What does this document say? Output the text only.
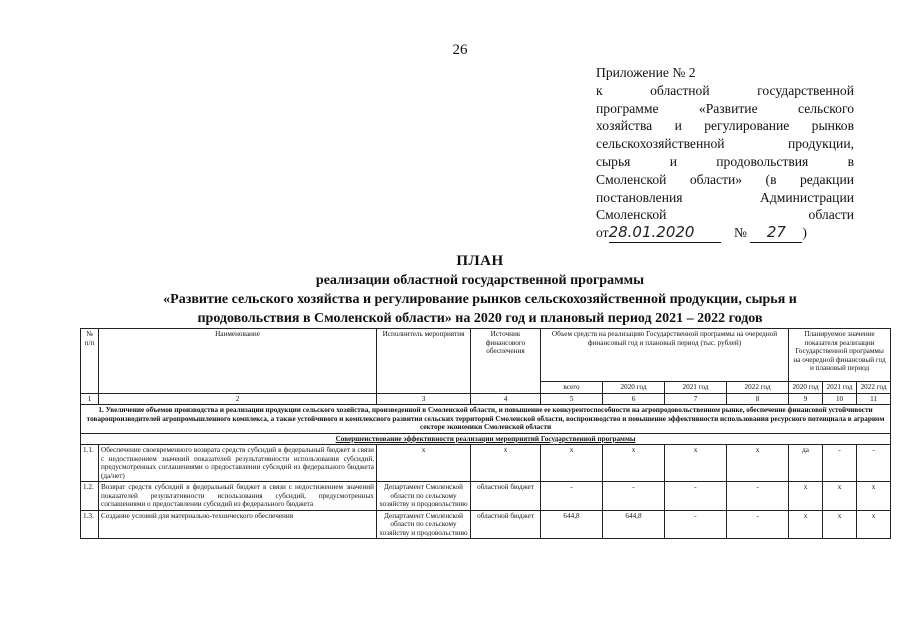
26
Приложение № 2
к областной государственной
программе «Развитие сельского
хозяйства и регулирование рынков
сельскохозяйственной продукции,
сырья и продовольствия в
Смоленской области» (в редакции
постановления Администрации
Смоленской области
от28.01.2020	№ 27 )
ПЛАН
реализации областной государственной программы
«Развитие сельского хозяйства и регулирование рынков сельскохозяйственной продукции, сырья и
продовольствия в Смоленской области» на 2020 год и плановый период 2021 – 2022 годов
№ п/п	Наименование	Исполнитель мероприятия	Источник финансового обеспечения	Объем средств на реализацию Государственной программы на очередной финансовый год и плановый период (тыс. рублей)				Планируемое значение показателя реализации Государственной программы на очередной финансовый год и плановый период		
				всего	2020 год	2021 год	2022 год	2020 год	2021 год	2022 год
1	2	3	4	5	6	7	8	9	10	11
1. Увеличение объемов производства и реализации продукции сельского хозяйства, произведенной в Смоленской области, и повышение ее конкурентоспособности на агропродовольственном рынке, обеспечение финансовой устойчивости товаропроизводителей агропромышленного комплекса, а также устойчивого и комплексного развития сельских территорий Смоленской области, воспроизводство и повышение эффективности использования ресурсного потенциала в аграрном секторе экономики Смоленской области										
Совершенствование эффективности реализации мероприятий Государственной программы										
1.1.	Обеспечение своевременного возврата средств субсидий в федеральный бюджет в связи с недостижением значений показателей результативности использования субсидий, предусмотренных соглашениями о предоставлении субсидий из федерального бюджета (да/нет)	х	х	х	х	х	х	да	-	-
1.2.	Возврат средств субсидий в федеральный бюджет в связи с недостижением значений показателей результативности использования субсидий, предусмотренных соглашениями о предоставлении субсидий из федерального бюджета	Департамент Смоленской области по сельскому хозяйству и продовольствию	областной бюджет	-	-	-	-	х	х	х
1.3.	Создание условий для материально-технического обеспечения	Департамент Смоленской области по сельскому хозяйству и продовольствию	областной бюджет	644,8	644,8	-	-	х	х	х
